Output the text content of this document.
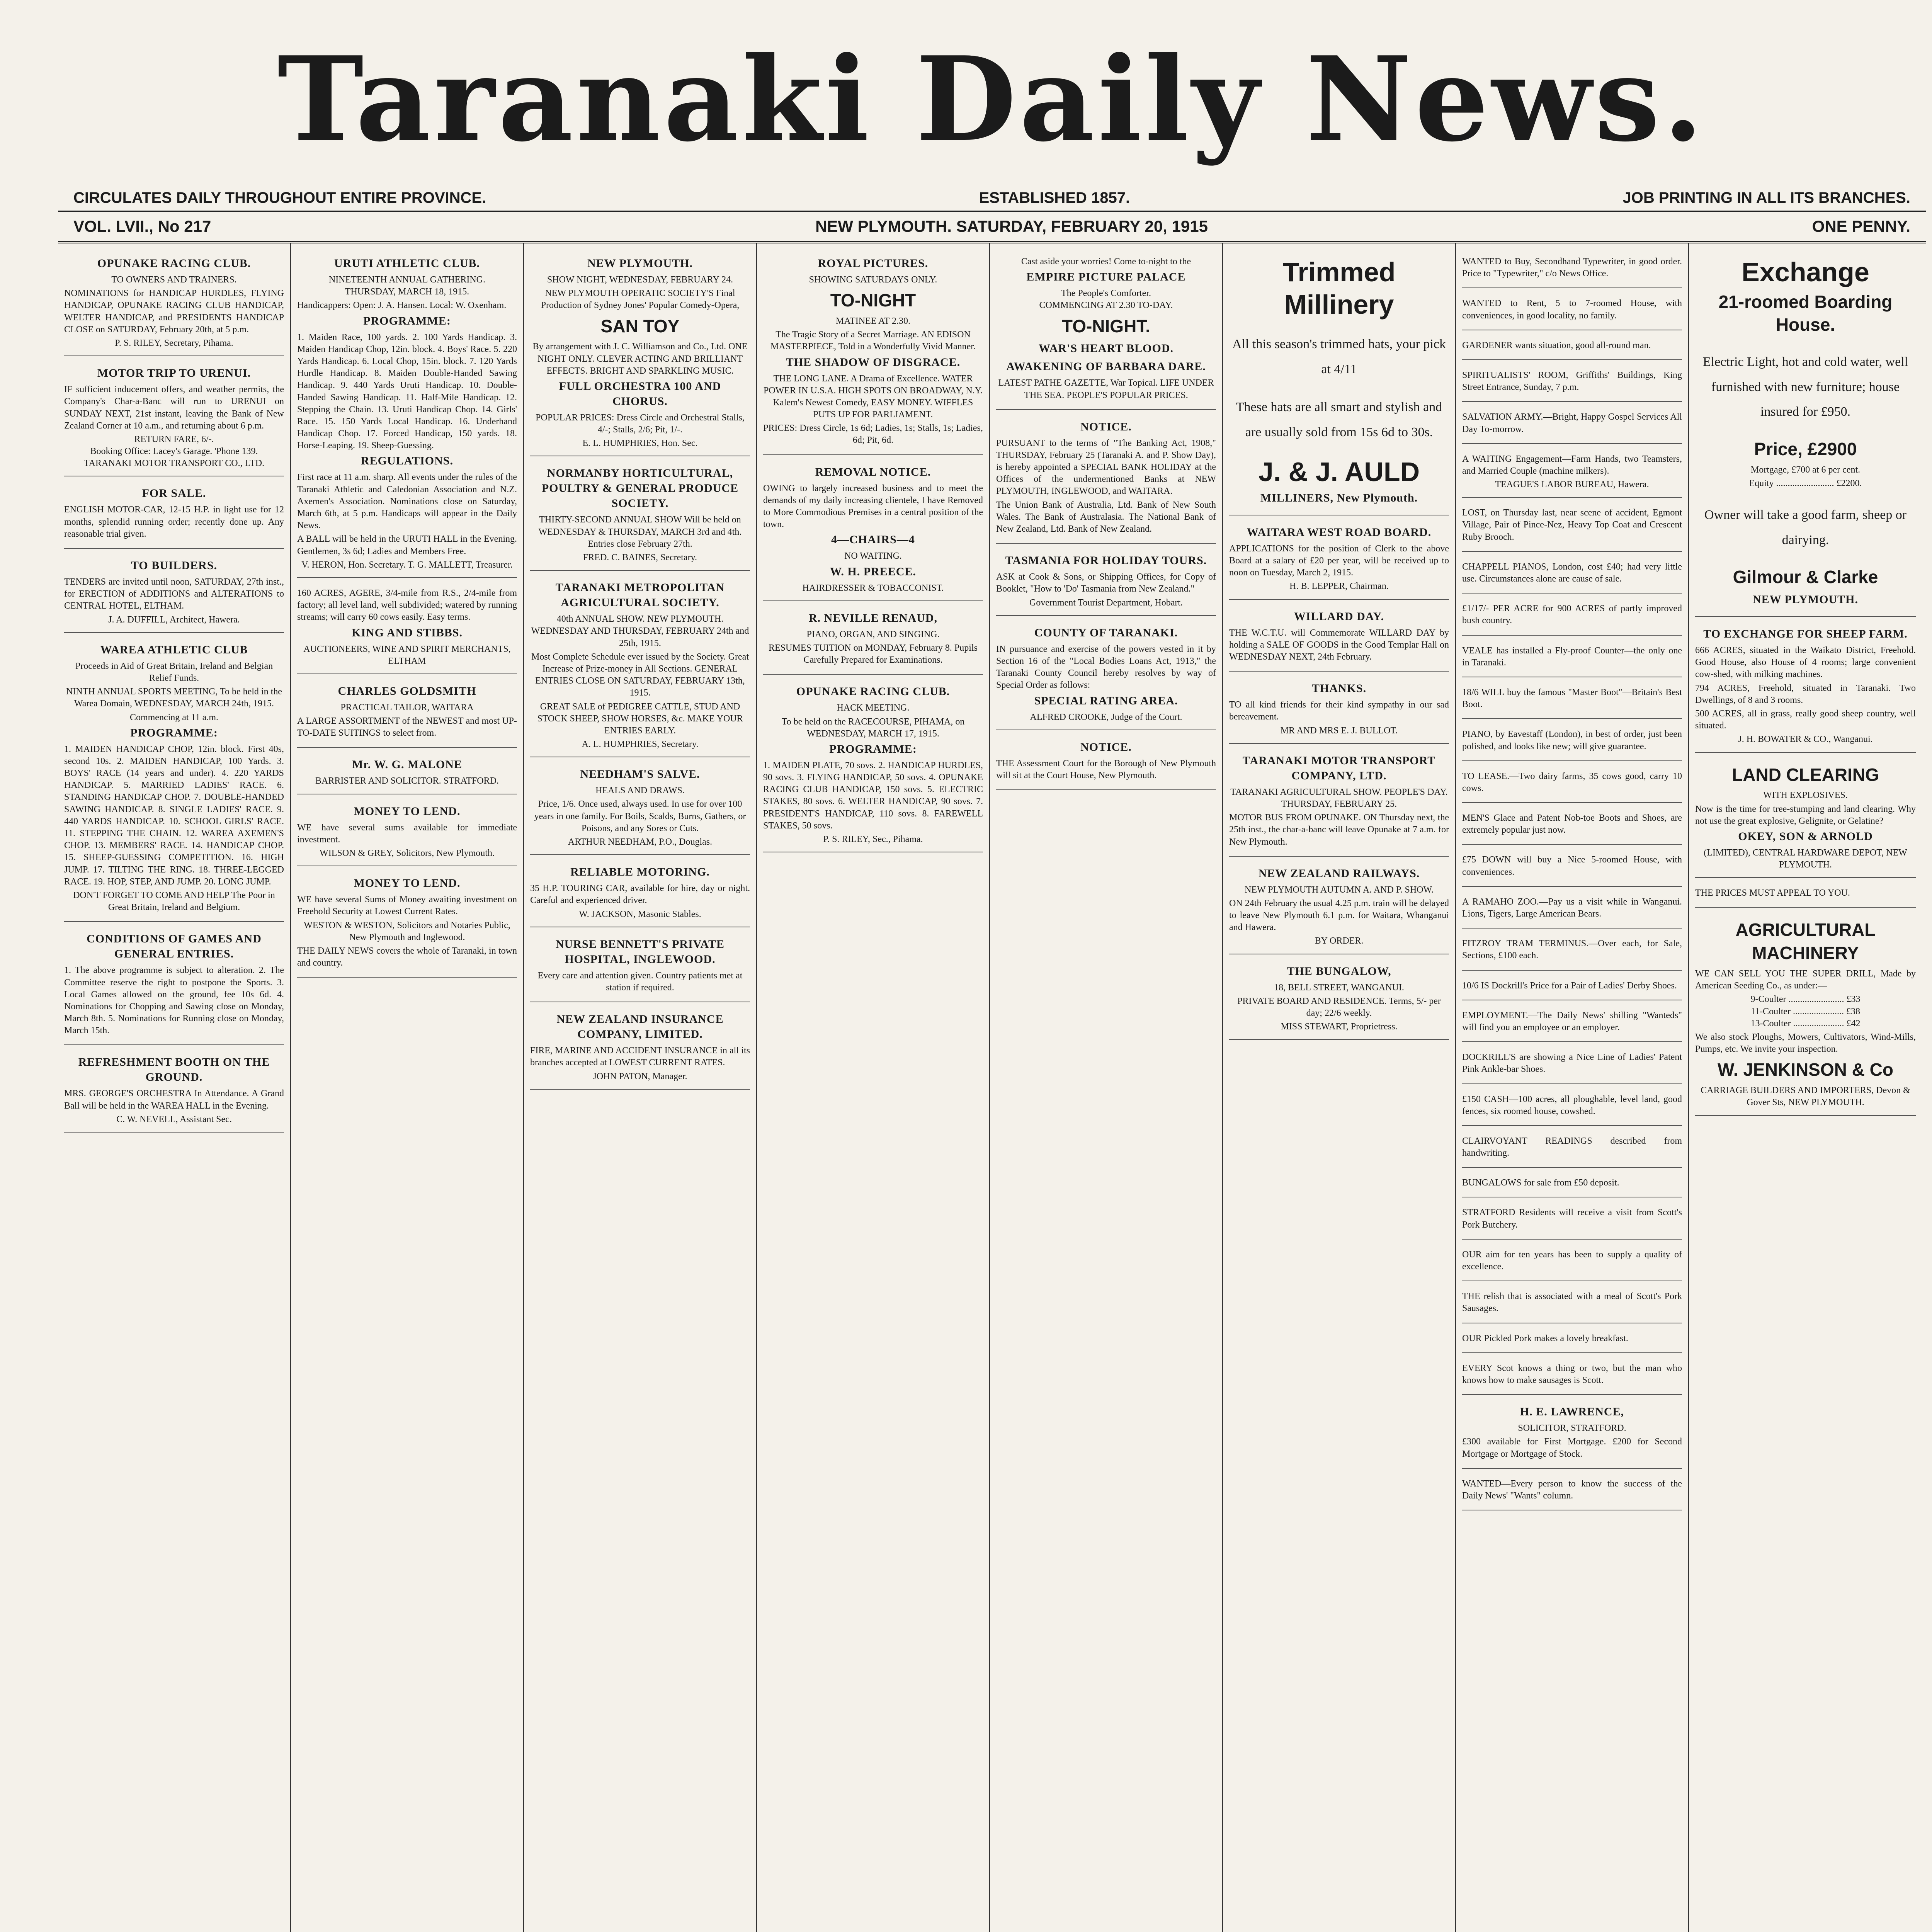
Taranaki Daily News.
CIRCULATES DAILY THROUGHOUT ENTIRE PROVINCE.	ESTABLISHED 1857.	JOB PRINTING IN ALL ITS BRANCHES.
VOL. LVII., No 217	NEW PLYMOUTH. SATURDAY, FEBRUARY 20, 1915	ONE PENNY.
OPUNAKE RACING CLUB.
TO OWNERS AND TRAINERS.

NOMINATIONS for HANDICAP HURDLES, FLYING HANDICAP, OPUNAKE RACING CLUB HANDICAP, WELTER HANDICAP, and PRESIDENTS HANDICAP CLOSE on SATURDAY, February 20th, at 5 p.m.

P. S. RILEY, Secretary, Pihama.
MOTOR TRIP TO URENUI.

IF sufficient inducement offers, and weather permits, the Company's Char-a-Banc will run to URENUI on SUNDAY NEXT, 21st instant, leaving the Bank of New Zealand Corner at 10 a.m., and returning about 6 p.m.

RETURN FARE, 6/-.
Booking Office: Lacey's Garage. 'Phone 139.
TARANAKI MOTOR TRANSPORT CO., LTD.
FOR SALE.

ENGLISH MOTOR-CAR, 12-15 H.P. in light use for 12 months, splendid running order; recently done up. Any reasonable trial given.

TO BUILDERS.

TENDERS are invited until noon, SATURDAY, 27th inst., for ERECTION of ADDITIONS and ALTERATIONS to CENTRAL HOTEL, ELTHAM.

J. A. DUFFILL, Architect, Hawera.
WAREA ATHLETIC CLUB

Proceeds in Aid of Great Britain, Ireland and Belgian Relief Funds.

NINTH ANNUAL SPORTS MEETING, To be held in the Warea Domain, WEDNESDAY, MARCH 24th, 1915.

Commencing at 11 a.m.
PROGRAMME:

1. MAIDEN HANDICAP CHOP, 12in. block. First 40s, second 10s. 2. MAIDEN HANDICAP, 100 Yards. 3. BOYS' RACE (14 years and under). 4. 220 YARDS HANDICAP. 5. MARRIED LADIES' RACE. 6. STANDING HANDICAP CHOP. 7. DOUBLE-HANDED SAWING HANDICAP. 8. SINGLE LADIES' RACE. 9. 440 YARDS HANDICAP. 10. SCHOOL GIRLS' RACE. 11. STEPPING THE CHAIN. 12. WAREA AXEMEN'S CHOP. 13. MEMBERS' RACE. 14. HANDICAP CHOP. 15. SHEEP-GUESSING COMPETITION. 16. HIGH JUMP. 17. TILTING THE RING. 18. THREE-LEGGED RACE. 19. HOP, STEP, AND JUMP. 20. LONG JUMP.

DON'T FORGET TO COME AND HELP The Poor in Great Britain, Ireland and Belgium.

CONDITIONS OF GAMES AND GENERAL ENTRIES.

1. The above programme is subject to alteration. 2. The Committee reserve the right to postpone the Sports. 3. Local Games allowed on the ground, fee 10s 6d. 4. Nominations for Chopping and Sawing close on Monday, March 8th. 5. Nominations for Running close on Monday, March 15th.

REFRESHMENT BOOTH ON THE GROUND.

MRS. GEORGE'S ORCHESTRA In Attendance. A Grand Ball will be held in the WAREA HALL in the Evening.

C. W. NEVELL, Assistant Sec.
URUTI ATHLETIC CLUB.
NINETEENTH ANNUAL GATHERING.
THURSDAY, MARCH 18, 1915.

Handicappers: Open: J. A. Hansen. Local: W. Oxenham.

PROGRAMME:

1. Maiden Race, 100 yards. 2. 100 Yards Handicap. 3. Maiden Handicap Chop, 12in. block. 4. Boys' Race. 5. 220 Yards Handicap. 6. Local Chop, 15in. block. 7. 120 Yards Hurdle Handicap. 8. Maiden Double-Handed Sawing Handicap. 9. 440 Yards Uruti Handicap. 10. Double-Handed Sawing Handicap. 11. Half-Mile Handicap. 12. Stepping the Chain. 13. Uruti Handicap Chop. 14. Girls' Race. 15. 150 Yards Local Handicap. 16. Underhand Handicap Chop. 17. Forced Handicap, 150 yards. 18. Horse-Leaping. 19. Sheep-Guessing.

REGULATIONS.

First race at 11 a.m. sharp. All events under the rules of the Taranaki Athletic and Caledonian Association and N.Z. Axemen's Association. Nominations close on Saturday, March 6th, at 5 p.m. Handicaps will appear in the Daily News.

A BALL will be held in the URUTI HALL in the Evening. Gentlemen, 3s 6d; Ladies and Members Free.

V. HERON, Hon. Secretary. T. G. MALLETT, Treasurer.

160 ACRES, AGERE, 3/4-mile from R.S., 2/4-mile from factory; all level land, well subdivided; watered by running streams; will carry 60 cows easily. Easy terms.

KING AND STIBBS.
AUCTIONEERS, WINE AND SPIRIT MERCHANTS, ELTHAM
CHARLES GOLDSMITH
PRACTICAL TAILOR, WAITARA

A LARGE ASSORTMENT of the NEWEST and most UP-TO-DATE SUITINGS to select from.

Mr. W. G. MALONE
BARRISTER AND SOLICITOR. STRATFORD.
MONEY TO LEND.

WE have several sums available for immediate investment.

WILSON & GREY, Solicitors, New Plymouth.
MONEY TO LEND.

WE have several Sums of Money awaiting investment on Freehold Security at Lowest Current Rates.

WESTON & WESTON, Solicitors and Notaries Public, New Plymouth and Inglewood.

THE DAILY NEWS covers the whole of Taranaki, in town and country.

NEW PLYMOUTH.
SHOW NIGHT, WEDNESDAY, FEBRUARY 24.

NEW PLYMOUTH OPERATIC SOCIETY'S Final Production of Sydney Jones' Popular Comedy-Opera,

SAN TOY

By arrangement with J. C. Williamson and Co., Ltd. ONE NIGHT ONLY. CLEVER ACTING AND BRILLIANT EFFECTS. BRIGHT AND SPARKLING MUSIC.

FULL ORCHESTRA 100 AND CHORUS.

POPULAR PRICES: Dress Circle and Orchestral Stalls, 4/-; Stalls, 2/6; Pit, 1/-.

E. L. HUMPHRIES, Hon. Sec.
NORMANBY HORTICULTURAL, POULTRY & GENERAL PRODUCE SOCIETY.

THIRTY-SECOND ANNUAL SHOW Will be held on WEDNESDAY & THURSDAY, MARCH 3rd and 4th. Entries close February 27th.

FRED. C. BAINES, Secretary.
TARANAKI METROPOLITAN AGRICULTURAL SOCIETY.
40th ANNUAL SHOW. NEW PLYMOUTH.
WEDNESDAY AND THURSDAY, FEBRUARY 24th and 25th, 1915.

Most Complete Schedule ever issued by the Society. Great Increase of Prize-money in All Sections. GENERAL ENTRIES CLOSE ON SATURDAY, FEBRUARY 13th, 1915.

GREAT SALE of PEDIGREE CATTLE, STUD AND STOCK SHEEP, SHOW HORSES, &c. MAKE YOUR ENTRIES EARLY.

A. L. HUMPHRIES, Secretary.
NEEDHAM'S SALVE.
HEALS AND DRAWS.

Price, 1/6. Once used, always used. In use for over 100 years in one family. For Boils, Scalds, Burns, Gathers, or Poisons, and any Sores or Cuts.

ARTHUR NEEDHAM, P.O., Douglas.
RELIABLE MOTORING.

35 H.P. TOURING CAR, available for hire, day or night. Careful and experienced driver.

W. JACKSON, Masonic Stables.
NURSE BENNETT'S PRIVATE HOSPITAL, INGLEWOOD.

Every care and attention given. Country patients met at station if required.

NEW ZEALAND INSURANCE COMPANY, LIMITED.

FIRE, MARINE AND ACCIDENT INSURANCE in all its branches accepted at LOWEST CURRENT RATES.

JOHN PATON, Manager.
ROYAL PICTURES.
SHOWING SATURDAYS ONLY.
TO-NIGHT
MATINEE AT 2.30.

The Tragic Story of a Secret Marriage. AN EDISON MASTERPIECE, Told in a Wonderfully Vivid Manner.

THE SHADOW OF DISGRACE.

THE LONG LANE. A Drama of Excellence. WATER POWER IN U.S.A. HIGH SPOTS ON BROADWAY, N.Y. Kalem's Newest Comedy, EASY MONEY. WIFFLES PUTS UP FOR PARLIAMENT.

PRICES: Dress Circle, 1s 6d; Ladies, 1s; Stalls, 1s; Ladies, 6d; Pit, 6d.

REMOVAL NOTICE.

OWING to largely increased business and to meet the demands of my daily increasing clientele, I have Removed to More Commodious Premises in a central position of the town.

4—CHAIRS—4
NO WAITING.
W. H. PREECE.
HAIRDRESSER & TOBACCONIST.
R. NEVILLE RENAUD,
PIANO, ORGAN, AND SINGING.

RESUMES TUITION on MONDAY, February 8. Pupils Carefully Prepared for Examinations.

OPUNAKE RACING CLUB.
HACK MEETING.

To be held on the RACECOURSE, PIHAMA, on WEDNESDAY, MARCH 17, 1915.

PROGRAMME:

1. MAIDEN PLATE, 70 sovs. 2. HANDICAP HURDLES, 90 sovs. 3. FLYING HANDICAP, 50 sovs. 4. OPUNAKE RACING CLUB HANDICAP, 150 sovs. 5. ELECTRIC STAKES, 80 sovs. 6. WELTER HANDICAP, 90 sovs. 7. PRESIDENT'S HANDICAP, 110 sovs. 8. FAREWELL STAKES, 50 sovs.

P. S. RILEY, Sec., Pihama.

Cast aside your worries! Come to-night to the

EMPIRE PICTURE PALACE
The People's Comforter.
COMMENCING AT 2.30 TO-DAY.
TO-NIGHT.
WAR'S HEART BLOOD.
AWAKENING OF BARBARA DARE.

LATEST PATHE GAZETTE, War Topical. LIFE UNDER THE SEA. PEOPLE'S POPULAR PRICES.

NOTICE.

PURSUANT to the terms of "The Banking Act, 1908," THURSDAY, February 25 (Taranaki A. and P. Show Day), is hereby appointed a SPECIAL BANK HOLIDAY at the Offices of the undermentioned Banks at NEW PLYMOUTH, INGLEWOOD, and WAITARA.

The Union Bank of Australia, Ltd. Bank of New South Wales. The Bank of Australasia. The National Bank of New Zealand, Ltd. Bank of New Zealand.

TASMANIA FOR HOLIDAY TOURS.

ASK at Cook & Sons, or Shipping Offices, for Copy of Booklet, "How to 'Do' Tasmania from New Zealand."

Government Tourist Department, Hobart.
COUNTY OF TARANAKI.

IN pursuance and exercise of the powers vested in it by Section 16 of the "Local Bodies Loans Act, 1913," the Taranaki County Council hereby resolves by way of Special Order as follows:

SPECIAL RATING AREA.
ALFRED CROOKE, Judge of the Court.
NOTICE.

THE Assessment Court for the Borough of New Plymouth will sit at the Court House, New Plymouth.

Trimmed
Millinery

All this season's trimmed hats, your pick at 4/11

These hats are all smart and stylish and are usually sold from 15s 6d to 30s.

J. & J. AULD
MILLINERS, New Plymouth.
WAITARA WEST ROAD BOARD.

APPLICATIONS for the position of Clerk to the above Board at a salary of £20 per year, will be received up to noon on Tuesday, March 2, 1915.

H. B. LEPPER, Chairman.
WILLARD DAY.

THE W.C.T.U. will Commemorate WILLARD DAY by holding a SALE OF GOODS in the Good Templar Hall on WEDNESDAY NEXT, 24th February.

THANKS.

TO all kind friends for their kind sympathy in our sad bereavement.

MR AND MRS E. J. BULLOT.
TARANAKI MOTOR TRANSPORT COMPANY, LTD.
TARANAKI AGRICULTURAL SHOW. PEOPLE'S DAY.
THURSDAY, FEBRUARY 25.

MOTOR BUS FROM OPUNAKE. ON Thursday next, the 25th inst., the char-a-banc will leave Opunake at 7 a.m. for New Plymouth.

NEW ZEALAND RAILWAYS.
NEW PLYMOUTH AUTUMN A. AND P. SHOW.

ON 24th February the usual 4.25 p.m. train will be delayed to leave New Plymouth 6.1 p.m. for Waitara, Whanganui and Hawera.

BY ORDER.
THE BUNGALOW,
18, BELL STREET, WANGANUI.

PRIVATE BOARD AND RESIDENCE. Terms, 5/- per day; 22/6 weekly.

MISS STEWART, Proprietress.

WANTED to Buy, Secondhand Typewriter, in good order. Price to "Typewriter," c/o News Office.

WANTED to Rent, 5 to 7-roomed House, with conveniences, in good locality, no family.

GARDENER wants situation, good all-round man.

SPIRITUALISTS' ROOM, Griffiths' Buildings, King Street Entrance, Sunday, 7 p.m.

SALVATION ARMY.—Bright, Happy Gospel Services All Day To-morrow.

A WAITING Engagement—Farm Hands, two Teamsters, and Married Couple (machine milkers).

TEAGUE'S LABOR BUREAU, Hawera.

LOST, on Thursday last, near scene of accident, Egmont Village, Pair of Pince-Nez, Heavy Top Coat and Crescent Ruby Brooch.

CHAPPELL PIANOS, London, cost £40; had very little use. Circumstances alone are cause of sale.

£1/17/- PER ACRE for 900 ACRES of partly improved bush country.

VEALE has installed a Fly-proof Counter—the only one in Taranaki.

18/6 WILL buy the famous "Master Boot"—Britain's Best Boot.

PIANO, by Eavestaff (London), in best of order, just been polished, and looks like new; will give guarantee.

TO LEASE.—Two dairy farms, 35 cows good, carry 10 cows.

MEN'S Glace and Patent Nob-toe Boots and Shoes, are extremely popular just now.

£75 DOWN will buy a Nice 5-roomed House, with conveniences.

A RAMAHO ZOO.—Pay us a visit while in Wanganui. Lions, Tigers, Large American Bears.

FITZROY TRAM TERMINUS.—Over each, for Sale, Sections, £100 each.

10/6 IS Dockrill's Price for a Pair of Ladies' Derby Shoes.

EMPLOYMENT.—The Daily News' shilling "Wanteds" will find you an employee or an employer.

DOCKRILL'S are showing a Nice Line of Ladies' Patent Pink Ankle-bar Shoes.

£150 CASH—100 acres, all ploughable, level land, good fences, six roomed house, cowshed.

CLAIRVOYANT READINGS described from handwriting.

BUNGALOWS for sale from £50 deposit.

STRATFORD Residents will receive a visit from Scott's Pork Butchery.

OUR aim for ten years has been to supply a quality of excellence.

THE relish that is associated with a meal of Scott's Pork Sausages.

OUR Pickled Pork makes a lovely breakfast.

EVERY Scot knows a thing or two, but the man who knows how to make sausages is Scott.

H. E. LAWRENCE,
SOLICITOR, STRATFORD.

£300 available for First Mortgage. £200 for Second Mortgage or Mortgage of Stock.

WANTED—Every person to know the success of the Daily News' "Wants" column.

Exchange
21-roomed Boarding House.

Electric Light, hot and cold water, well furnished with new furniture; house insured for £950.

Price, £2900

Mortgage, £700 at 6 per cent.

Equity ......................... £2200.

Owner will take a good farm, sheep or dairying.

Gilmour & Clarke
NEW PLYMOUTH.
TO EXCHANGE FOR SHEEP FARM.

666 ACRES, situated in the Waikato District, Freehold. Good House, also House of 4 rooms; large convenient cow-shed, with milking machines.

794 ACRES, Freehold, situated in Taranaki. Two Dwellings, of 8 and 3 rooms.

500 ACRES, all in grass, really good sheep country, well situated.

J. H. BOWATER & CO., Wanganui.
LAND CLEARING
WITH EXPLOSIVES.

Now is the time for tree-stumping and land clearing. Why not use the great explosive, Gelignite, or Gelatine?

OKEY, SON & ARNOLD
(LIMITED), CENTRAL HARDWARE DEPOT, NEW PLYMOUTH.

THE PRICES MUST APPEAL TO YOU.

AGRICULTURAL MACHINERY

WE CAN SELL YOU THE SUPER DRILL, Made by American Seeding Co., as under:—

9-Coulter ........................ £33
11-Coulter ...................... £38
13-Coulter ...................... £42

We also stock Ploughs, Mowers, Cultivators, Wind-Mills, Pumps, etc. We invite your inspection.

W. JENKINSON & Co
CARRIAGE BUILDERS AND IMPORTERS, Devon & Gover Sts, NEW PLYMOUTH.
